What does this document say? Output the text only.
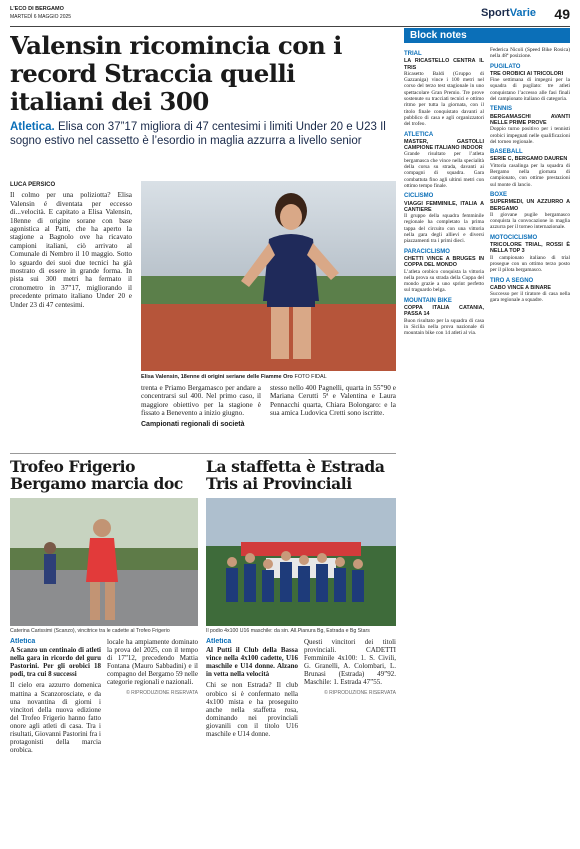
L'ECO DI BERGAMO
MARTEDÌ 6 MAGGIO 2025	SportVarie 49
Valensin ricomincia con i record Straccia quelli italiani dei 300
Atletica. Elisa con 37”17 migliora di 47 centesimi i limiti Under 20 e U23 Il sogno estivo nel cassetto è l’esordio in maglia azzurra a livello senior
LUCA PERSICO
Il colmo per una poliziotta? Elisa Valensin é diventata per eccesso di...velocità. E capitato a Elisa Valensin, 18enne di origine sorane con base agonistica al Patti, che ha aperto la stagione a Bagnolo ove ha ricavato campioni italiani, ciò arrivato al Comunale di Nembro il 10 maggio. Sotto lo sguardo dei suoi due tecnici ha già mostrato di essere in grande forma. In pista sui 300 metri ha fermato il cronometro in 37”17, migliorando il precedente primato italiano Under 20 e Under 23 di 47 centesimi.
Elisa Valensin, 18enne di origini seriane delle Fiamme Oro FOTO FIDAL
trenta e Priamo Bergamasco per andare a concentrarsi sul 400. Nel primo caso, il maggiore obiettivo per la stagione è fissato a Benevento a inizio giugno.
Campionati regionali di società
stesso nello 400 Pagnelli, quarta in 55”90 e Mariana Cerutti 5ª e Valentina e Laura Pennacchi quarta, Chiara Bolongaro: e la sua amica Ludovica Cretti sono iscritte.
Trofeo Frigerio Bergamo marcia doc
Caterina Carissimi (Scanzo), vincitrice tra le cadette al Trofeo Frigerio
Atletica
A Scanzo un centinaio di atleti nella gara in ricordo del guru Pastorini. Per gli orobici 18 podi, tra cui 8 successi
Il cielo era azzurro domenica mattina a Scanzorosciate, e da una novantina di giorni i vincitori della nuova edizione del Trofeo Frigerio hanno fatto onore agli atleti di casa. Tra i risultati, Giovanni Pastorini fra i protagonisti della marcia orobica.
locale ha ampiamente dominato la prova del 2025, con il tempo di 17”12, precedendo Mattia Fontana (Mauro Sabbadini) e il compagno del Bergamo 59 nelle categorie regionali e nazionali.
© RIPRODUZIONE RISERVATA
La staffetta è Estrada Tris ai Provinciali
Il podio 4x100 U16 maschile: da sin. All.Pianura Bg, Estrada e Bg Stars
Atletica
Al Putti il Club della Bassa vince nella 4x100 cadette, U16 maschile e U14 donne. Alzano in vetta nella velocità
Chi se non Estrada? Il club orobico si è confermato nella 4x100 mista e ha proseguito anche nella staffetta rosa, dominando nei provinciali giovanili con il titolo U16 maschile e U14 donne.
Questi vincitori dei titoli provinciali. CADETTI Femminile 4x100: 1. S. Civili, G. Granelli, A. Colombari, L. Brunasi (Estrada) 49”92. Maschile: 1. Estrada 47”55.
© RIPRODUZIONE RISERVATA
Block notes
TRIAL
LA RICASTELLO CENTRA IL TRIS
Ricasetto Baldi (Gruppo di Gazzaniga) vince i 100 metri nel corso del terzo test stagionale in uno spettacolare Gran Premio. Tre prove sostenute su tracciati tecnici e ottimo ritmo per tutta la giornata, con il titolo finale conquistato davanti al pubblico di casa e agli organizzatori del trofeo.
ATLETICA
MASTER, GASTOLLI CAMPIONE ITALIANO INDOOR
Grande risultato per l’atleta bergamasca che vince nella specialità della corsa su strada, davanti ai compagni di squadra. Gara combattuta fino agli ultimi metri con ottimo tempo finale.
CICLISMO
VIAGGI FEMMINILE, ITALIA A CANTIERE
Il gruppo della squadra femminile regionale ha completato la prima tappa del circuito con una vittoria nella gara degli allievi e diversi piazzamenti tra i primi dieci.
PARACICLISMO
CHETTI VINCE A BRUGES IN COPPA DEL MONDO
L’atleta orobico conquista la vittoria nella prova su strada della Coppa del mondo grazie a uno sprint perfetto sul traguardo belga.
MOUNTAIN BIKE
COPPA ITALIA CATANIA, PASSA 14
Buon risultato per la squadra di casa in Sicilia nella prova nazionale di mountain bike con 14 atleti al via.
Federica Nicoli (Speed Bike Rosica) nella 48ª posizione.
PUGILATO
TRE OROBICI AI TRICOLORI
Fine settimana di impegni per la squadra di pugilato: tre atleti conquistano l’accesso alle fasi finali del campionato italiano di categoria.
TENNIS
BERGAMASCHI AVANTI NELLE PRIME PROVE
Doppio turno positivo per i tennisti orobici impegnati nelle qualificazioni del torneo regionale.
BASEBALL
SERIE C, BERGAMO DAUREN
Vittoria casalinga per la squadra di Bergamo nella giornata di campionato, con ottime prestazioni sul monte di lancio.
BOXE
SUPERMEDI, UN AZZURRO A BERGAMO
Il giovane pugile bergamasco conquista la convocazione in maglia azzurra per il torneo internazionale.
MOTOCICLISMO
TRICOLORE TRIAL, ROSSI È NELLA TOP 3
Il campionato italiano di trial prosegue con un ottimo terzo posto per il pilota bergamasco.
TIRO A SEGNO
CABO VINCE A BINARE
Successo per il tiratore di casa nella gara regionale a squadre.
